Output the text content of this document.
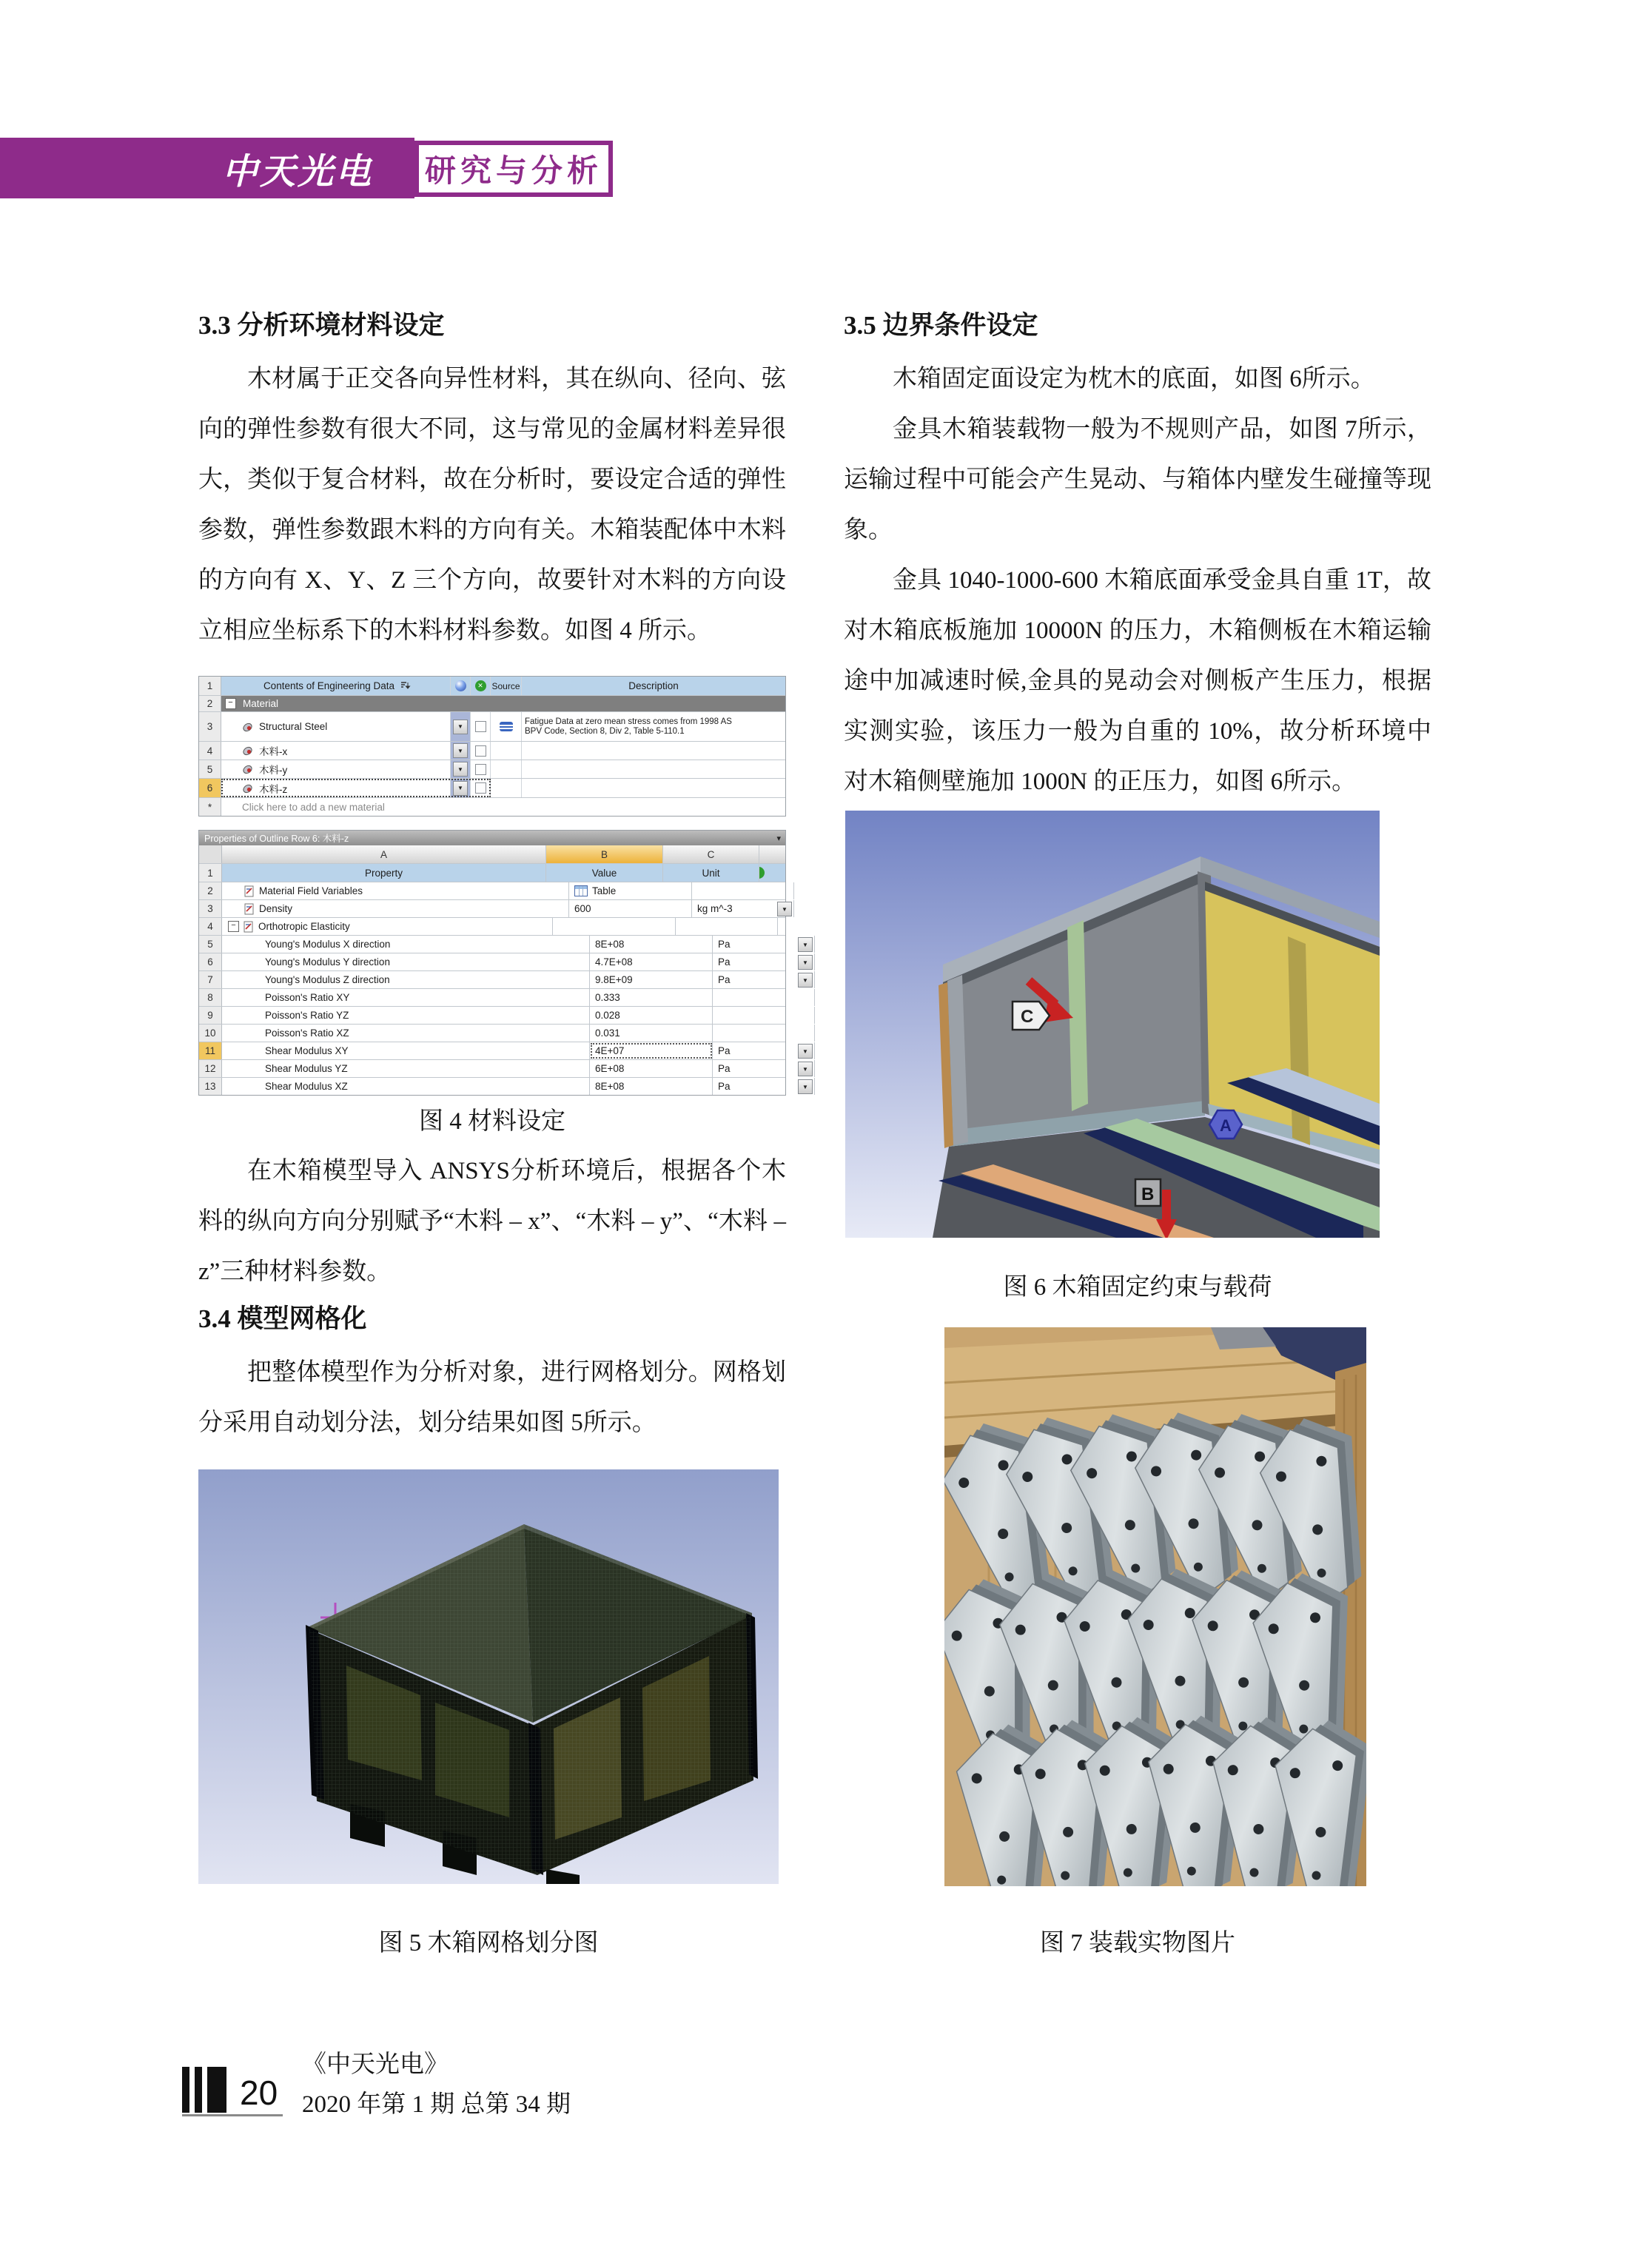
中天光电	研究与分析
3.3 分析环境材料设定

木材属于正交各向异性材料，其在纵向、径向、弦向的弹性参数有很大不同，这与常见的金属材料差异很大，类似于复合材料，故在分析时，要设定合适的弹性参数，弹性参数跟木料的方向有关。木箱装配体中木料的方向有 X、Y、Z 三个方向，故要针对木料的方向设立相应坐标系下的木料材料参数。如图 4 所示。

1	Contents of Engineering Data ✕	Source	Description
2 −	Material
3	Structural Steel ▼	Fatigue Data at zero mean stress comes from 1998 AS
BPV Code, Section 8, Div 2, Table 5-110.1
4	木料-x
▼
5	木料-y
▼
6	木料-z
▼
*	Click here to add a new material
Properties of Outline Row 6: 木料-z ▾
A	B	C
1	Property	Value	Unit
2	Material Field Variables	Table
3	Density	600	kg m^-3
▼
4 −	Orthotropic Elasticity
5	Young's Modulus X direction	8E+08	Pa
▼
6	Young's Modulus Y direction	4.7E+08	Pa
▼
7	Young's Modulus Z direction	9.8E+09	Pa
▼
8	Poisson's Ratio XY	0.333
9	Poisson's Ratio YZ	0.028
10	Poisson's Ratio XZ	0.031
11	Shear Modulus XY	4E+07	Pa
▼
12	Shear Modulus YZ	6E+08	Pa
▼
13	Shear Modulus XZ	8E+08	Pa
▼
图 4 材料设定

在木箱模型导入 ANSYS分析环境后，根据各个木料的纵向方向分别赋予“木料 – x”、“木料 – y”、“木料 – z”三种材料参数。

3.4 模型网格化

把整体模型作为分析对象，进行网格划分。网格划分采用自动划分法，划分结果如图 5所示。

图 5 木箱网格划分图
3.5 边界条件设定

木箱固定面设定为枕木的底面，如图 6所示。

金具木箱装载物一般为不规则产品，如图 7所示，运输过程中可能会产生晃动、与箱体内壁发生碰撞等现象。

金具 1040-1000-600 木箱底面承受金具自重 1T，故对木箱底板施加 10000N 的压力，木箱侧板在木箱运输途中加减速时候,金具的晃动会对侧板产生压力，根据实测实验，该压力一般为自重的 10%，故分析环境中对木箱侧壁施加 1000N 的正压力，如图 6所示。

C
A
B
图 6 木箱固定约束与载荷
图 7 装载实物图片
20
《中天光电》
2020 年第 1 期 总第 34 期
